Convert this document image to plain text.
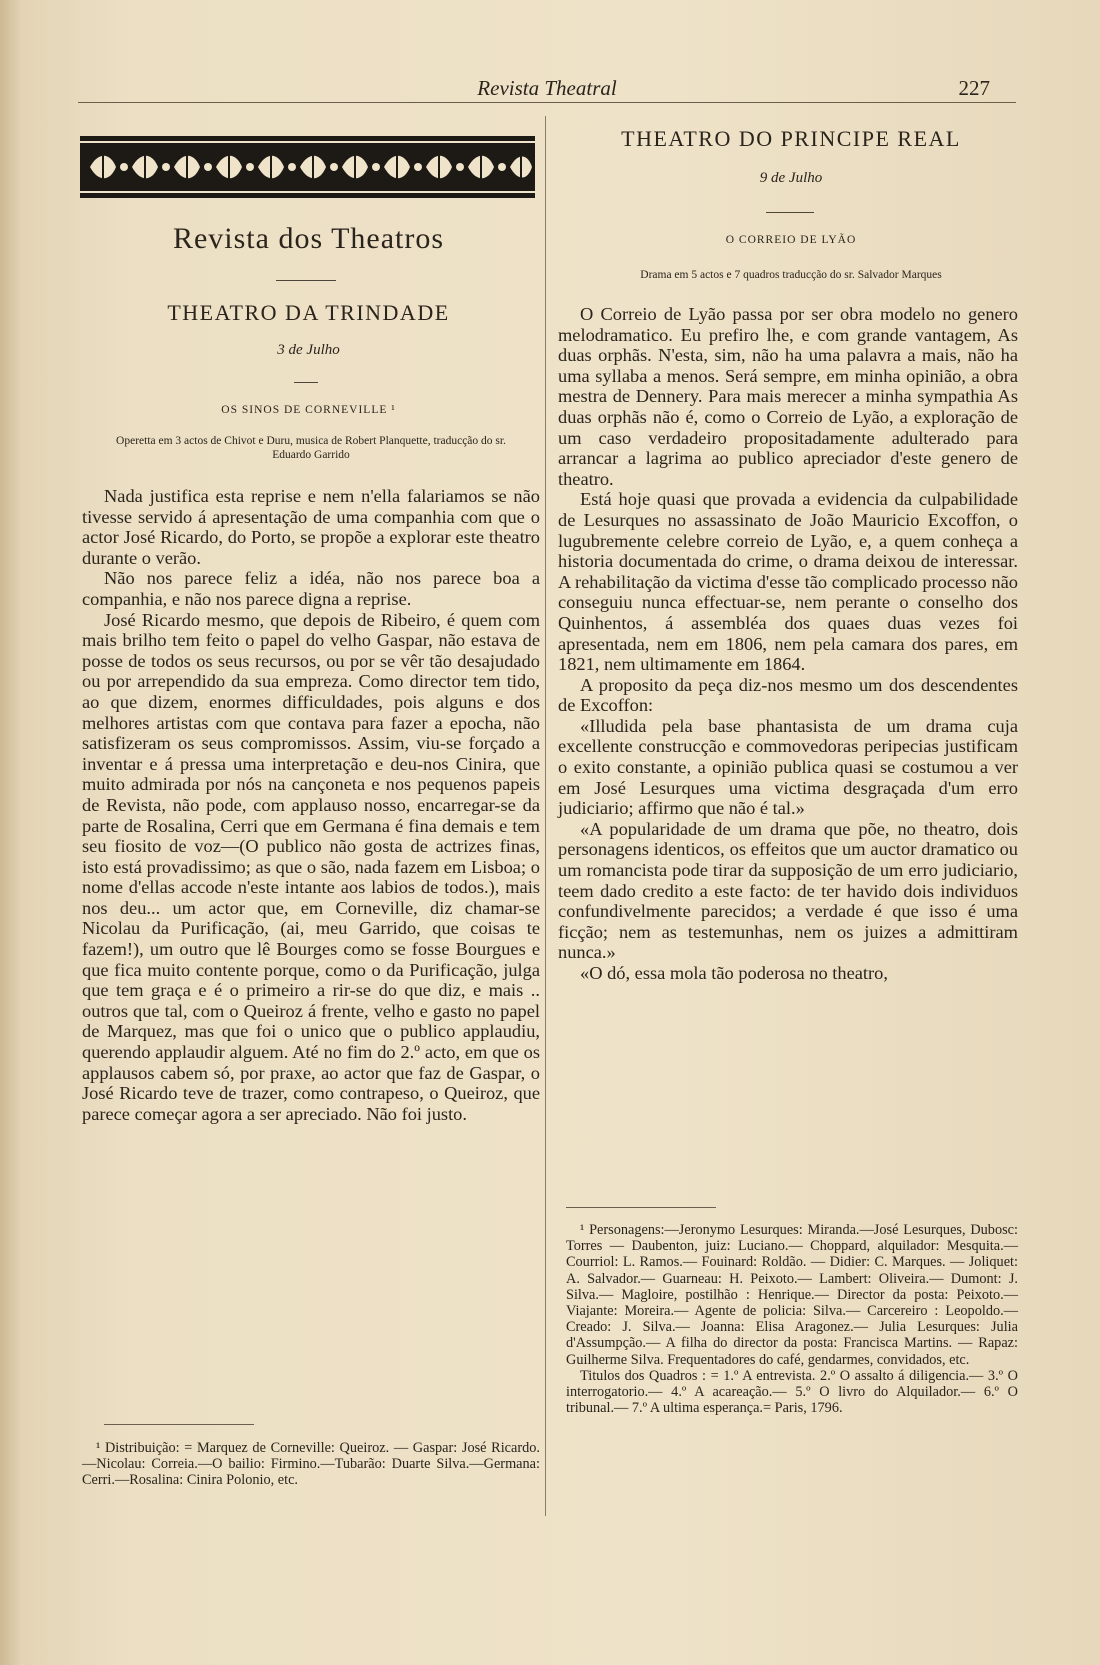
Revista Theatral	227
Revista dos Theatros
THEATRO DA TRINDADE
3 de Julho
OS SINOS DE CORNEVILLE ¹
Operetta em 3 actos de Chivot e Duru, musica de Robert Planquette, traducção do sr. Eduardo Garrido

Nada justifica esta reprise e nem n'ella falariamos se não tivesse servido á apresentação de uma companhia com que o actor José Ricardo, do Porto, se propõe a explorar este theatro durante o verão.

Não nos parece feliz a idéa, não nos parece boa a companhia, e não nos parece digna a reprise.

José Ricardo mesmo, que depois de Ribeiro, é quem com mais brilho tem feito o papel do velho Gaspar, não estava de posse de todos os seus recursos, ou por se vêr tão desajudado ou por arrependido da sua empreza. Como director tem tido, ao que dizem, enormes difficuldades, pois alguns e dos melhores artistas com que contava para fazer a epocha, não satisfizeram os seus compromissos. Assim, viu-se forçado a inventar e á pressa uma interpretação e deu-nos Cinira, que muito admirada por nós na cançoneta e nos pequenos papeis de Revista, não pode, com applauso nosso, encarregar-se da parte de Rosalina, Cerri que em Germana é fina demais e tem seu fiosito de voz—(O publico não gosta de actrizes finas, isto está provadissimo; as que o são, nada fazem em Lisboa; o nome d'ellas accode n'este intante aos labios de todos.), mais nos deu... um actor que, em Corneville, diz chamar-se Nicolau da Purificação, (ai, meu Garrido, que coisas te fazem!), um outro que lê Bourges como se fosse Bourgues e que fica muito contente porque, como o da Purificação, julga que tem graça e é o primeiro a rir-se do que diz, e mais .. outros que tal, com o Queiroz á frente, velho e gasto no papel de Marquez, mas que foi o unico que o publico applaudiu, querendo applaudir alguem. Até no fim do 2.º acto, em que os applausos cabem só, por praxe, ao actor que faz de Gaspar, o José Ricardo teve de trazer, como contrapeso, o Queiroz, que parece começar agora a ser apreciado. Não foi justo.

¹ Distribuição: = Marquez de Corneville: Queiroz. — Gaspar: José Ricardo.—Nicolau: Correia.—O bailio: Firmino.—Tubarão: Duarte Silva.—Germana: Cerri.—Rosalina: Cinira Polonio, etc.

THEATRO DO PRINCIPE REAL
9 de Julho
O CORREIO DE LYÃO
Drama em 5 actos e 7 quadros traducção do sr. Salvador Marques

O Correio de Lyão passa por ser obra modelo no genero melodramatico. Eu prefiro lhe, e com grande vantagem, As duas orphãs. N'esta, sim, não ha uma palavra a mais, não ha uma syllaba a menos. Será sempre, em minha opinião, a obra mestra de Dennery. Para mais merecer a minha sympathia As duas orphãs não é, como o Correio de Lyão, a exploração de um caso verdadeiro propositadamente adulterado para arrancar a lagrima ao publico apreciador d'este genero de theatro.

Está hoje quasi que provada a evidencia da culpabilidade de Lesurques no assassinato de João Mauricio Excoffon, o lugubremente celebre correio de Lyão, e, a quem conheça a historia documentada do crime, o drama deixou de interessar. A rehabilitação da victima d'esse tão complicado processo não conseguiu nunca effectuar-se, nem perante o conselho dos Quinhentos, á assembléa dos quaes duas vezes foi apresentada, nem em 1806, nem pela camara dos pares, em 1821, nem ultimamente em 1864.

A proposito da peça diz-nos mesmo um dos descendentes de Excoffon:

«Illudida pela base phantasista de um drama cuja excellente construcção e commovedoras peripecias justificam o exito constante, a opinião publica quasi se costumou a ver em José Lesurques uma victima desgraçada d'um erro judiciario; affirmo que não é tal.»

«A popularidade de um drama que põe, no theatro, dois personagens identicos, os effeitos que um auctor dramatico ou um romancista pode tirar da supposição de um erro judiciario, teem dado credito a este facto: de ter havido dois individuos confundivelmente parecidos; a verdade é que isso é uma ficção; nem as testemunhas, nem os juizes a admittiram nunca.»

«O dó, essa mola tão poderosa no theatro,

¹ Personagens:—Jeronymo Lesurques: Miranda.—José Lesurques, Dubosc: Torres — Daubenton, juiz: Luciano.— Choppard, alquilador: Mesquita.— Courriol: L. Ramos.— Fouinard: Roldão. — Didier: C. Marques. — Joliquet: A. Salvador.— Guarneau: H. Peixoto.— Lambert: Oliveira.— Dumont: J. Silva.— Magloire, postilhão : Henrique.— Director da posta: Peixoto.— Viajante: Moreira.— Agente de policia: Silva.— Carcereiro : Leopoldo.— Creado: J. Silva.— Joanna: Elisa Aragonez.— Julia Lesurques: Julia d'Assumpção.— A filha do director da posta: Francisca Martins. — Rapaz: Guilherme Silva. Frequentadores do café, gendarmes, convidados, etc.

Titulos dos Quadros : = 1.º A entrevista. 2.º O assalto á diligencia.— 3.º O interrogatorio.— 4.º A acareação.— 5.º O livro do Alquilador.— 6.º O tribunal.— 7.º A ultima esperança.= Paris, 1796.
